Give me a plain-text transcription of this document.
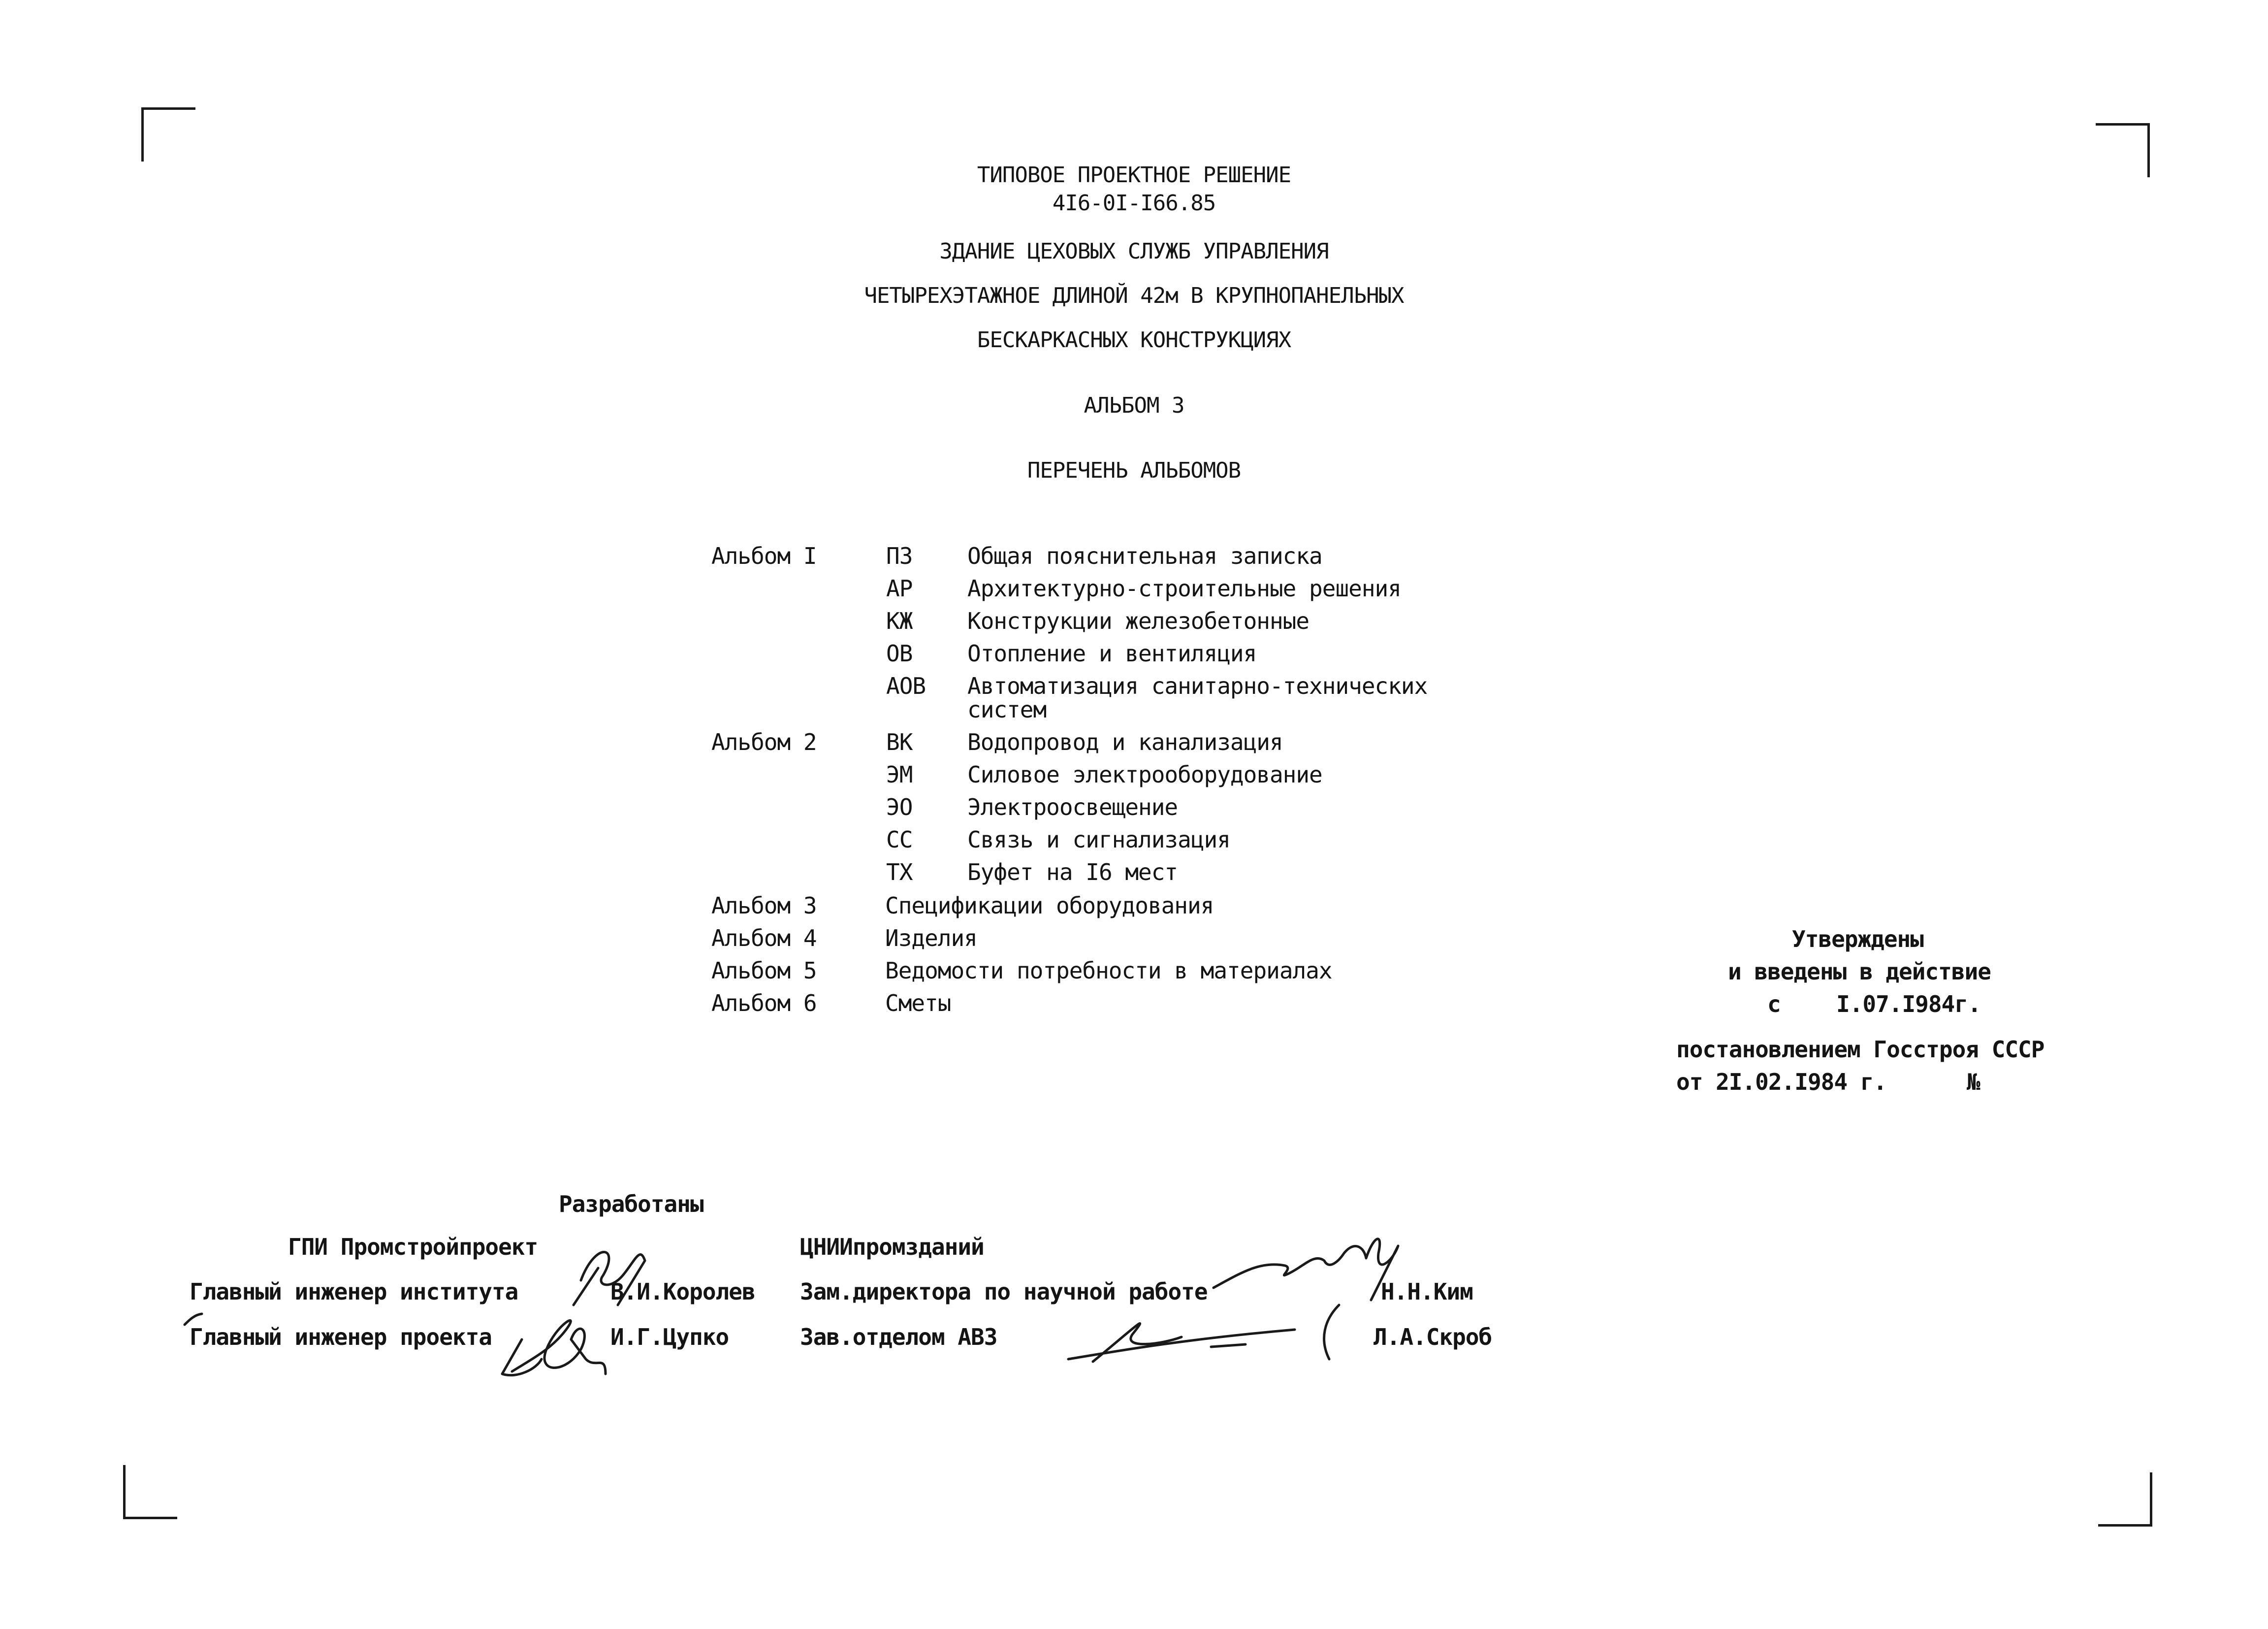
ТИПОВОЕ ПРОЕКТНОЕ РЕШЕНИЕ
4I6-0I-I66.85
ЗДАНИЕ ЦЕХОВЫХ СЛУЖБ УПРАВЛЕНИЯ
ЧЕТЫРЕХЭТАЖНОЕ ДЛИНОЙ 42м В КРУПНОПАНЕЛЬНЫХ
БЕСКАРКАСНЫХ КОНСТРУКЦИЯХ
АЛЬБОМ 3
ПЕРЕЧЕНЬ АЛЬБОМОВ
Альбом I	ПЗ Общая пояснительная записка
АР Архитектурно-строительные решения
КЖ Конструкции железобетонные
ОВ Отопление и вентиляция
АОВ Автоматизация санитарно-технических
систем
Альбом 2	ВК Водопровод и канализация
ЭМ Силовое электрооборудование
ЭО Электроосвещение
СС Связь и сигнализация
ТХ Буфет на I6 мест
Альбом 3	Спецификации оборудования
Альбом 4	Изделия
Альбом 5	Ведомости потребности в материалах
Альбом 6	Сметы
Утверждены
и введены в действие
с I.07.I984г.
постановлением Госстроя СССР
от 2I.02.I984 г.	№
Разработаны
ГПИ Промстройпроект	ЦНИИпромзданий
Главный инженер института	В.И.Королев
Главный инженер проекта	И.Г.Цупко
Зам.директора по научной работе	Н.Н.Ким
Зав.отделом АВЗ	Л.А.Скроб
